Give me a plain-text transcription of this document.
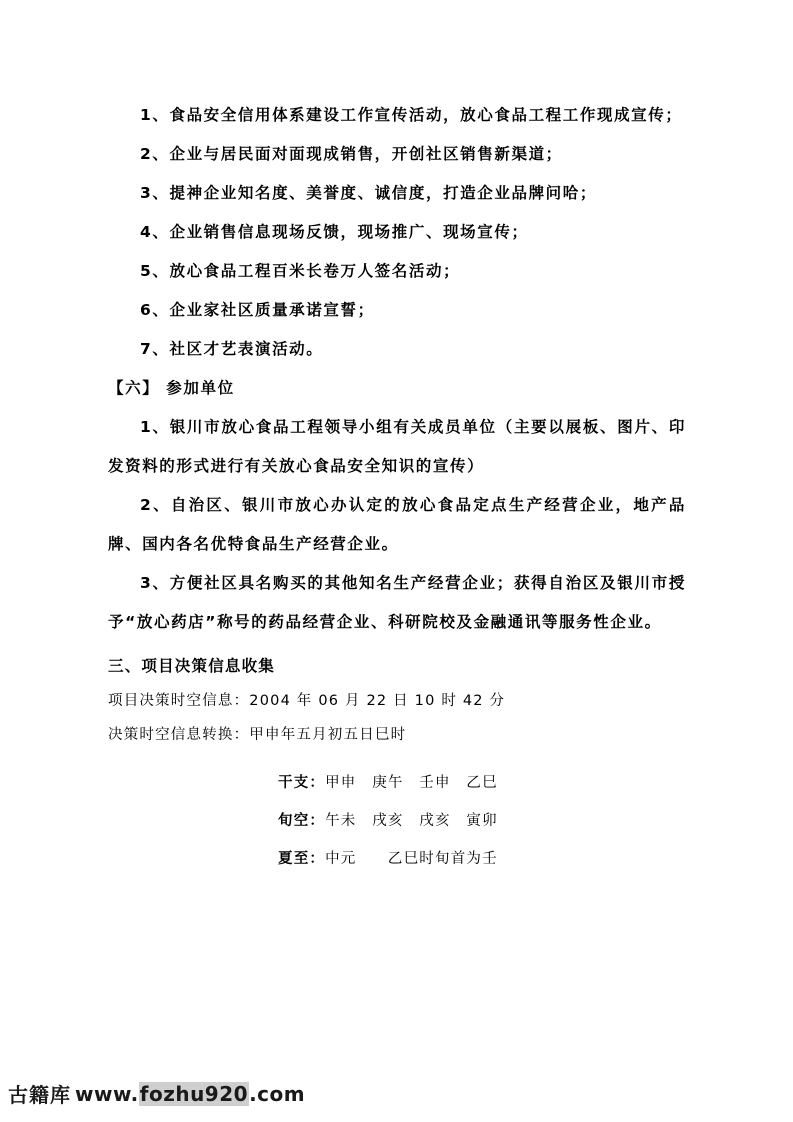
1、食品安全信用体系建设工作宣传活动，放心食品工程工作现成宣传；

2、企业与居民面对面现成销售，开创社区销售新渠道；

3、提神企业知名度、美誉度、诚信度，打造企业品牌问哈；

4、企业销售信息现场反馈，现场推广、现场宣传；

5、放心食品工程百米长卷万人签名活动；

6、企业家社区质量承诺宣誓；

7、社区才艺表演活动。

【六】 参加单位

1、银川市放心食品工程领导小组有关成员单位（主要以展板、图片、印发资料的形式进行有关放心食品安全知识的宣传）

2、自治区、银川市放心办认定的放心食品定点生产经营企业，地产品牌、国内各名优特食品生产经营企业。

3、方便社区具名购买的其他知名生产经营企业；获得自治区及银川市授予“放心药店”称号的药品经营企业、科研院校及金融通讯等服务性企业。

三、项目决策信息收集

项目决策时空信息：2004 年 06 月 22 日 10 时 42 分

决策时空信息转换：甲申年五月初五日巳时

干支：甲申　庚午　壬申　乙巳

旬空：午未　戌亥　戌亥　寅卯

夏至：中元　　乙巳时旬首为壬

古籍库 www.fozhu920.com
